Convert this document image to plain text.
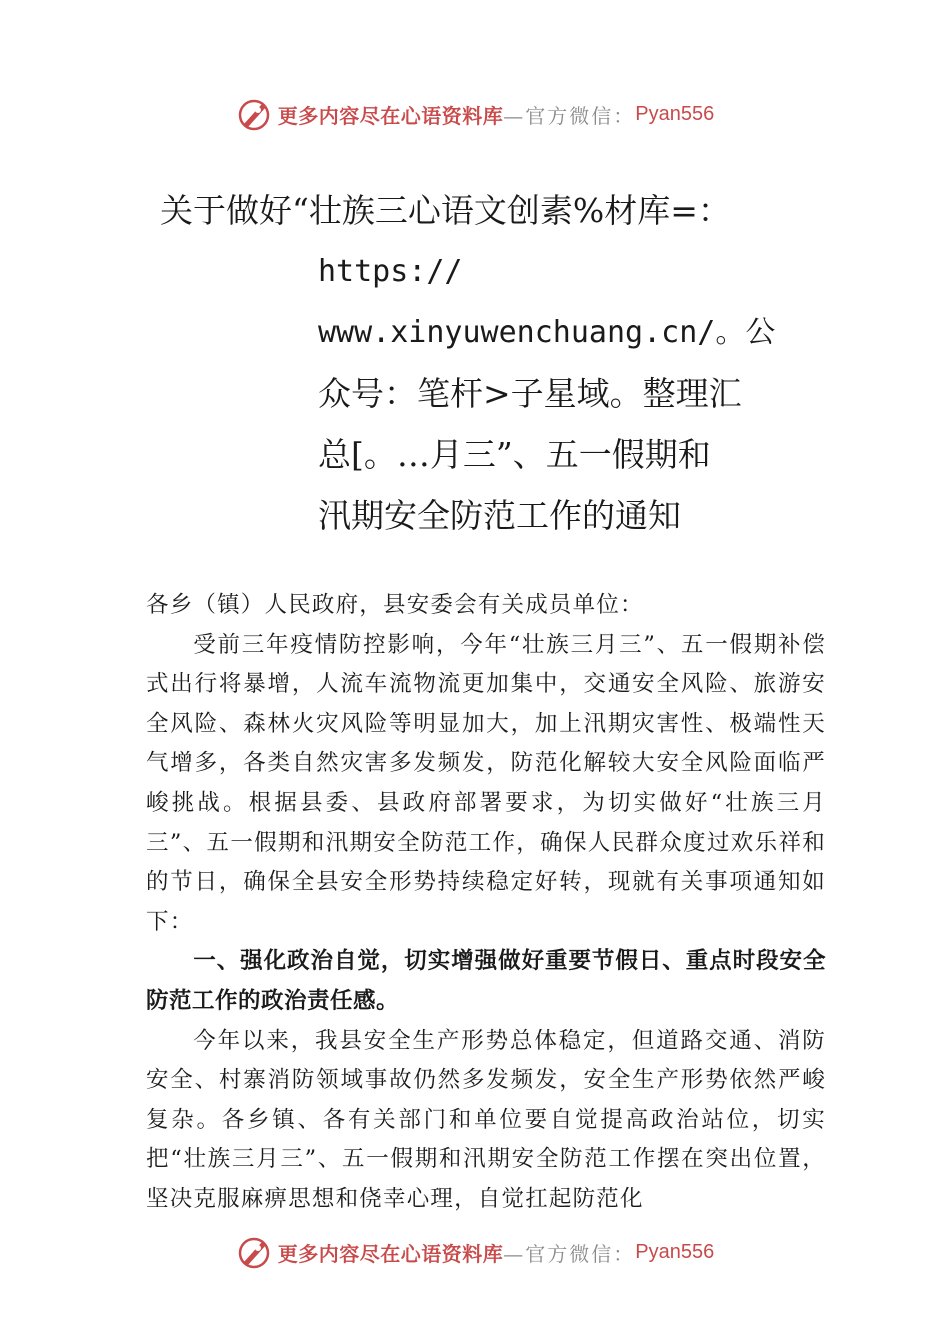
更多内容尽在心语资料库 —官方微信： Pyan556
关于做好“壮族三心语文创素%材库=：
https://
www.xinyuwenchuang.cn/。公
众号：笔杆>子星域。整理汇
总[。…月三”、五一假期和
汛期安全防范工作的通知

各乡（镇）人民政府，县安委会有关成员单位：

受前三年疫情防控影响，今年“壮族三月三”、五一假期补偿式出行将暴增，人流车流物流更加集中，交通安全风险、旅游安全风险、森林火灾风险等明显加大，加上汛期灾害性、极端性天气增多，各类自然灾害多发频发，防范化解较大安全风险面临严峻挑战。根据县委、县政府部署要求，为切实做好“壮族三月三”、五一假期和汛期安全防范工作，确保人民群众度过欢乐祥和的节日，确保全县安全形势持续稳定好转，现就有关事项通知如下：

一、强化政治自觉，切实增强做好重要节假日、重点时段安全防范工作的政治责任感。

今年以来，我县安全生产形势总体稳定，但道路交通、消防安全、村寨消防领域事故仍然多发频发，安全生产形势依然严峻复杂。各乡镇、各有关部门和单位要自觉提高政治站位，切实把“壮族三月三”、五一假期和汛期安全防范工作摆在突出位置，坚决克服麻痹思想和侥幸心理，自觉扛起防范化

更多内容尽在心语资料库 —官方微信： Pyan556
